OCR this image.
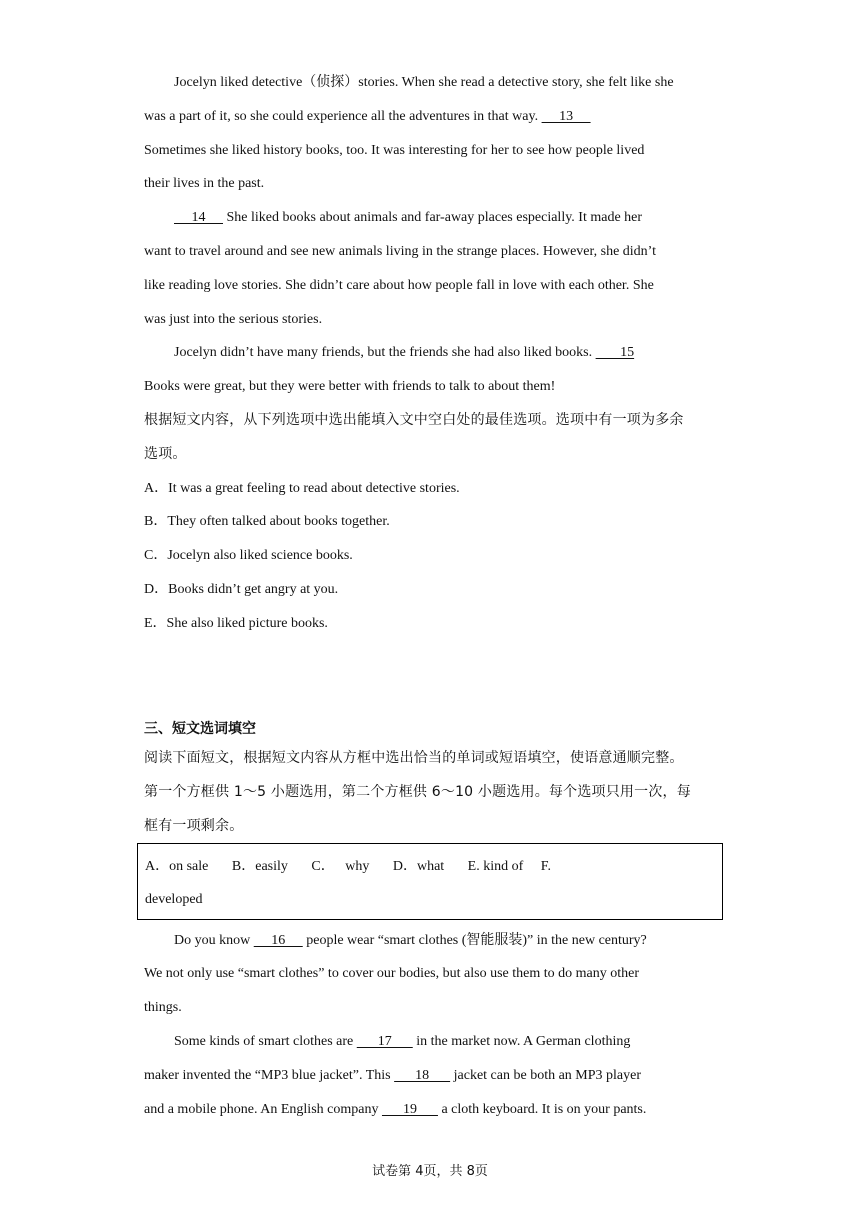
Jocelyn liked detective（侦探）stories. When she read a detective story, she felt like she
was a part of it, so she could experience all the adventures in that way.      13
Sometimes she liked history books, too. It was interesting for her to see how people lived
their lives in the past.
14      She liked books about animals and far-away places especially. It made her
want to travel around and see new animals living in the strange places. However, she didn’t
like reading love stories. She didn’t care about how people fall in love with each other. She
was just into the serious stories.
Jocelyn didn’t have many friends, but the friends she had also liked books.        15
Books were great, but they were better with friends to talk to about them!
根据短文内容，从下列选项中选出能填入文中空白处的最佳选项。选项中有一项为多余
选项。
A．It was a great feeling to read about detective stories.
B．They often talked about books together.
C．Jocelyn also liked science books.
D．Books didn’t get angry at you.
E．She also liked picture books.
三、短文选词填空
阅读下面短文，根据短文内容从方框中选出恰当的单词或短语填空，使语意通顺完整。
第一个方框供 1～5 小题选用，第二个方框供 6～10 小题选用。每个选项只用一次，每
框有一项剩余。
A．on sale B．easily C．   why D．what E. kind of F.
developed
Do you know      16      people wear “smart clothes (智能服装)” in the new century?
We not only use “smart clothes” to cover our bodies, but also use them to do many other
things.
Some kinds of smart clothes are       17       in the market now. A German clothing
maker invented the “MP3 blue jacket”. This       18       jacket can be both an MP3 player
and a mobile phone. An English company       19       a cloth keyboard. It is on your pants.
试卷第 4页，共 8页
